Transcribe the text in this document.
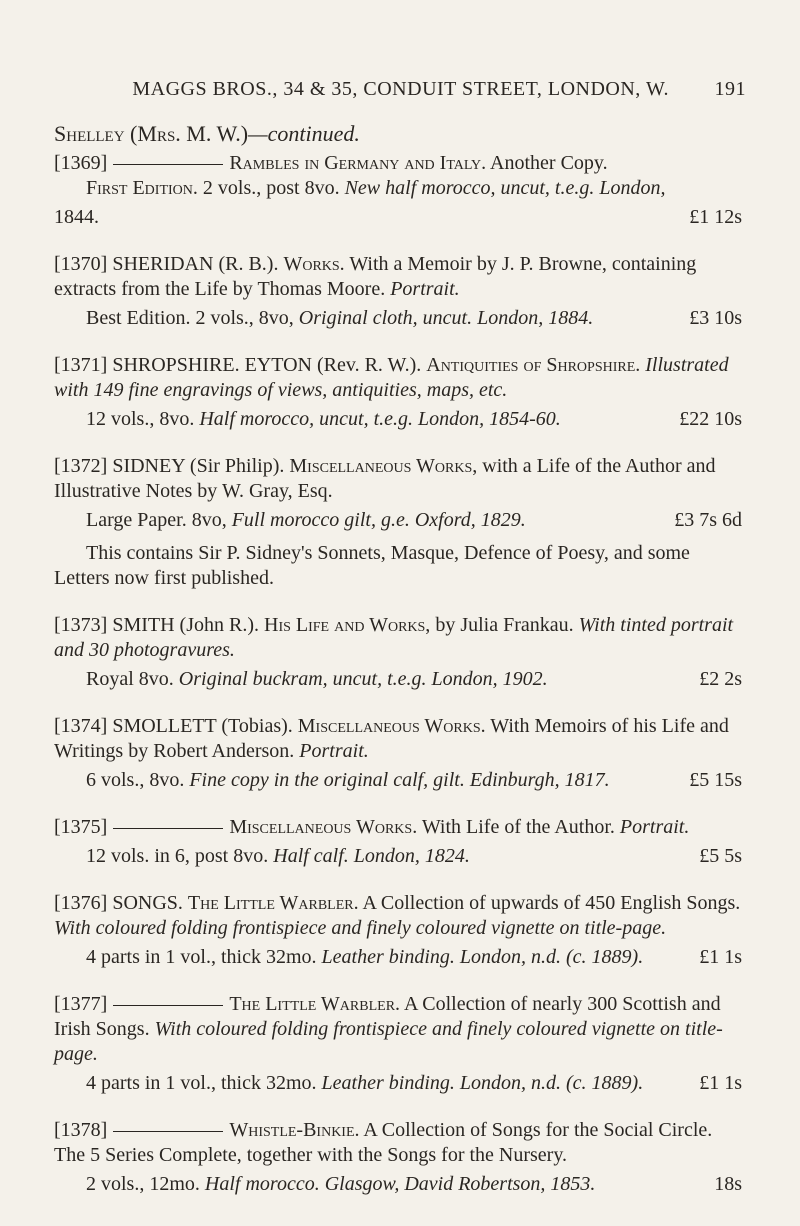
MAGGS BROS., 34 & 35, CONDUIT STREET, LONDON, W. 191
Shelley (Mrs. M. W.)—continued.

[1369]	Rambles in Germany and Italy. Another Copy.

First Edition. 2 vols., post 8vo. New half morocco, uncut, t.e.g. London,

1844.	£1 12s

[1370] SHERIDAN (R. B.). Works. With a Memoir by J. P. Browne, containing extracts from the Life by Thomas Moore. Portrait.

Best Edition. 2 vols., 8vo, Original cloth, uncut. London, 1884.	£3 10s

[1371] SHROPSHIRE. EYTON (Rev. R. W.). Antiquities of Shropshire. Illustrated with 149 fine engravings of views, antiquities, maps, etc.

12 vols., 8vo. Half morocco, uncut, t.e.g. London, 1854-60.	£22 10s

[1372] SIDNEY (Sir Philip). Miscellaneous Works, with a Life of the Author and Illustrative Notes by W. Gray, Esq.

Large Paper. 8vo, Full morocco gilt, g.e. Oxford, 1829.	£3 7s 6d

This contains Sir P. Sidney's Sonnets, Masque, Defence of Poesy, and some Letters now first published.

[1373] SMITH (John R.). His Life and Works, by Julia Frankau. With tinted portrait and 30 photogravures.

Royal 8vo. Original buckram, uncut, t.e.g. London, 1902.	£2 2s

[1374] SMOLLETT (Tobias). Miscellaneous Works. With Memoirs of his Life and Writings by Robert Anderson. Portrait.

6 vols., 8vo. Fine copy in the original calf, gilt. Edinburgh, 1817.	£5 15s

[1375]	Miscellaneous Works. With Life of the Author. Portrait.

12 vols. in 6, post 8vo. Half calf. London, 1824.	£5 5s

[1376] SONGS. The Little Warbler. A Collection of upwards of 450 English Songs. With coloured folding frontispiece and finely coloured vignette on title-page.

4 parts in 1 vol., thick 32mo. Leather binding. London, n.d. (c. 1889).	£1 1s

[1377]	The Little Warbler. A Collection of nearly 300 Scottish and Irish Songs. With coloured folding frontispiece and finely coloured vignette on title-page.

4 parts in 1 vol., thick 32mo. Leather binding. London, n.d. (c. 1889).	£1 1s

[1378]	Whistle-Binkie. A Collection of Songs for the Social Circle. The 5 Series Complete, together with the Songs for the Nursery.

2 vols., 12mo. Half morocco. Glasgow, David Robertson, 1853.	18s
